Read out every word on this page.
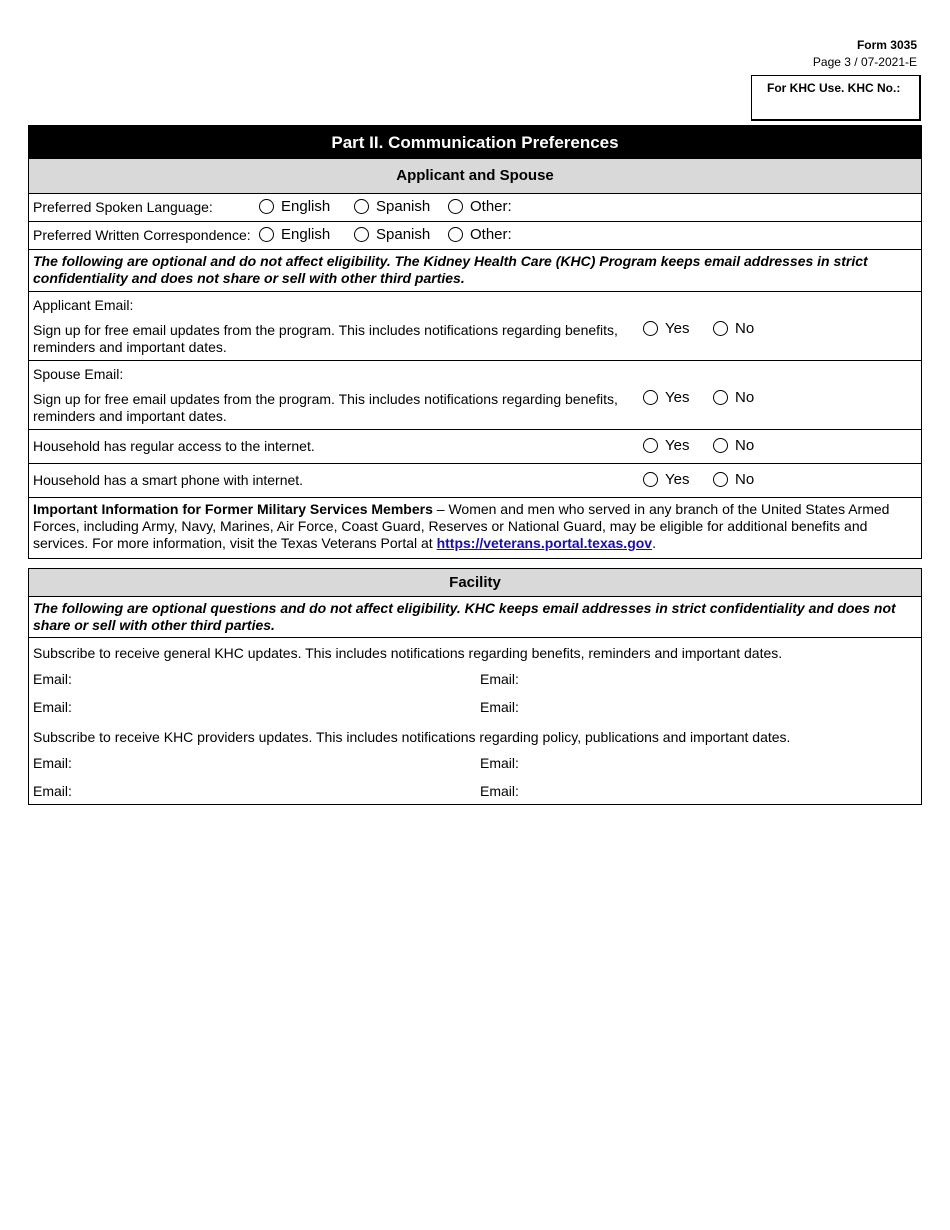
Form 3035
Page 3 / 07-2021-E
For KHC Use. KHC No.:
Part II. Communication Preferences
Applicant and Spouse
Preferred Spoken Language:	English	Spanish	Other:
Preferred Written Correspondence:	English	Spanish	Other:
The following are optional and do not affect eligibility. The Kidney Health Care (KHC) Program keeps email addresses in strict confidentiality and does not share or sell with other third parties.
Applicant Email:
Sign up for free email updates from the program. This includes notifications regarding benefits, reminders and important dates.
Yes	No
Spouse Email:
Sign up for free email updates from the program. This includes notifications regarding benefits, reminders and important dates.
Yes	No
Household has regular access to the internet.	Yes	No
Household has a smart phone with internet.	Yes	No
Important Information for Former Military Services Members – Women and men who served in any branch of the United States Armed Forces, including Army, Navy, Marines, Air Force, Coast Guard, Reserves or National Guard, may be eligible for additional benefits and services. For more information, visit the Texas Veterans Portal at https://veterans.portal.texas.gov.
Facility
The following are optional questions and do not affect eligibility. KHC keeps email addresses in strict confidentiality and does not share or sell with other third parties.
Subscribe to receive general KHC updates. This includes notifications regarding benefits, reminders and important dates.
Email:	Email:
Email:	Email:
Subscribe to receive KHC providers updates. This includes notifications regarding policy, publications and important dates.
Email:	Email:
Email:	Email:
